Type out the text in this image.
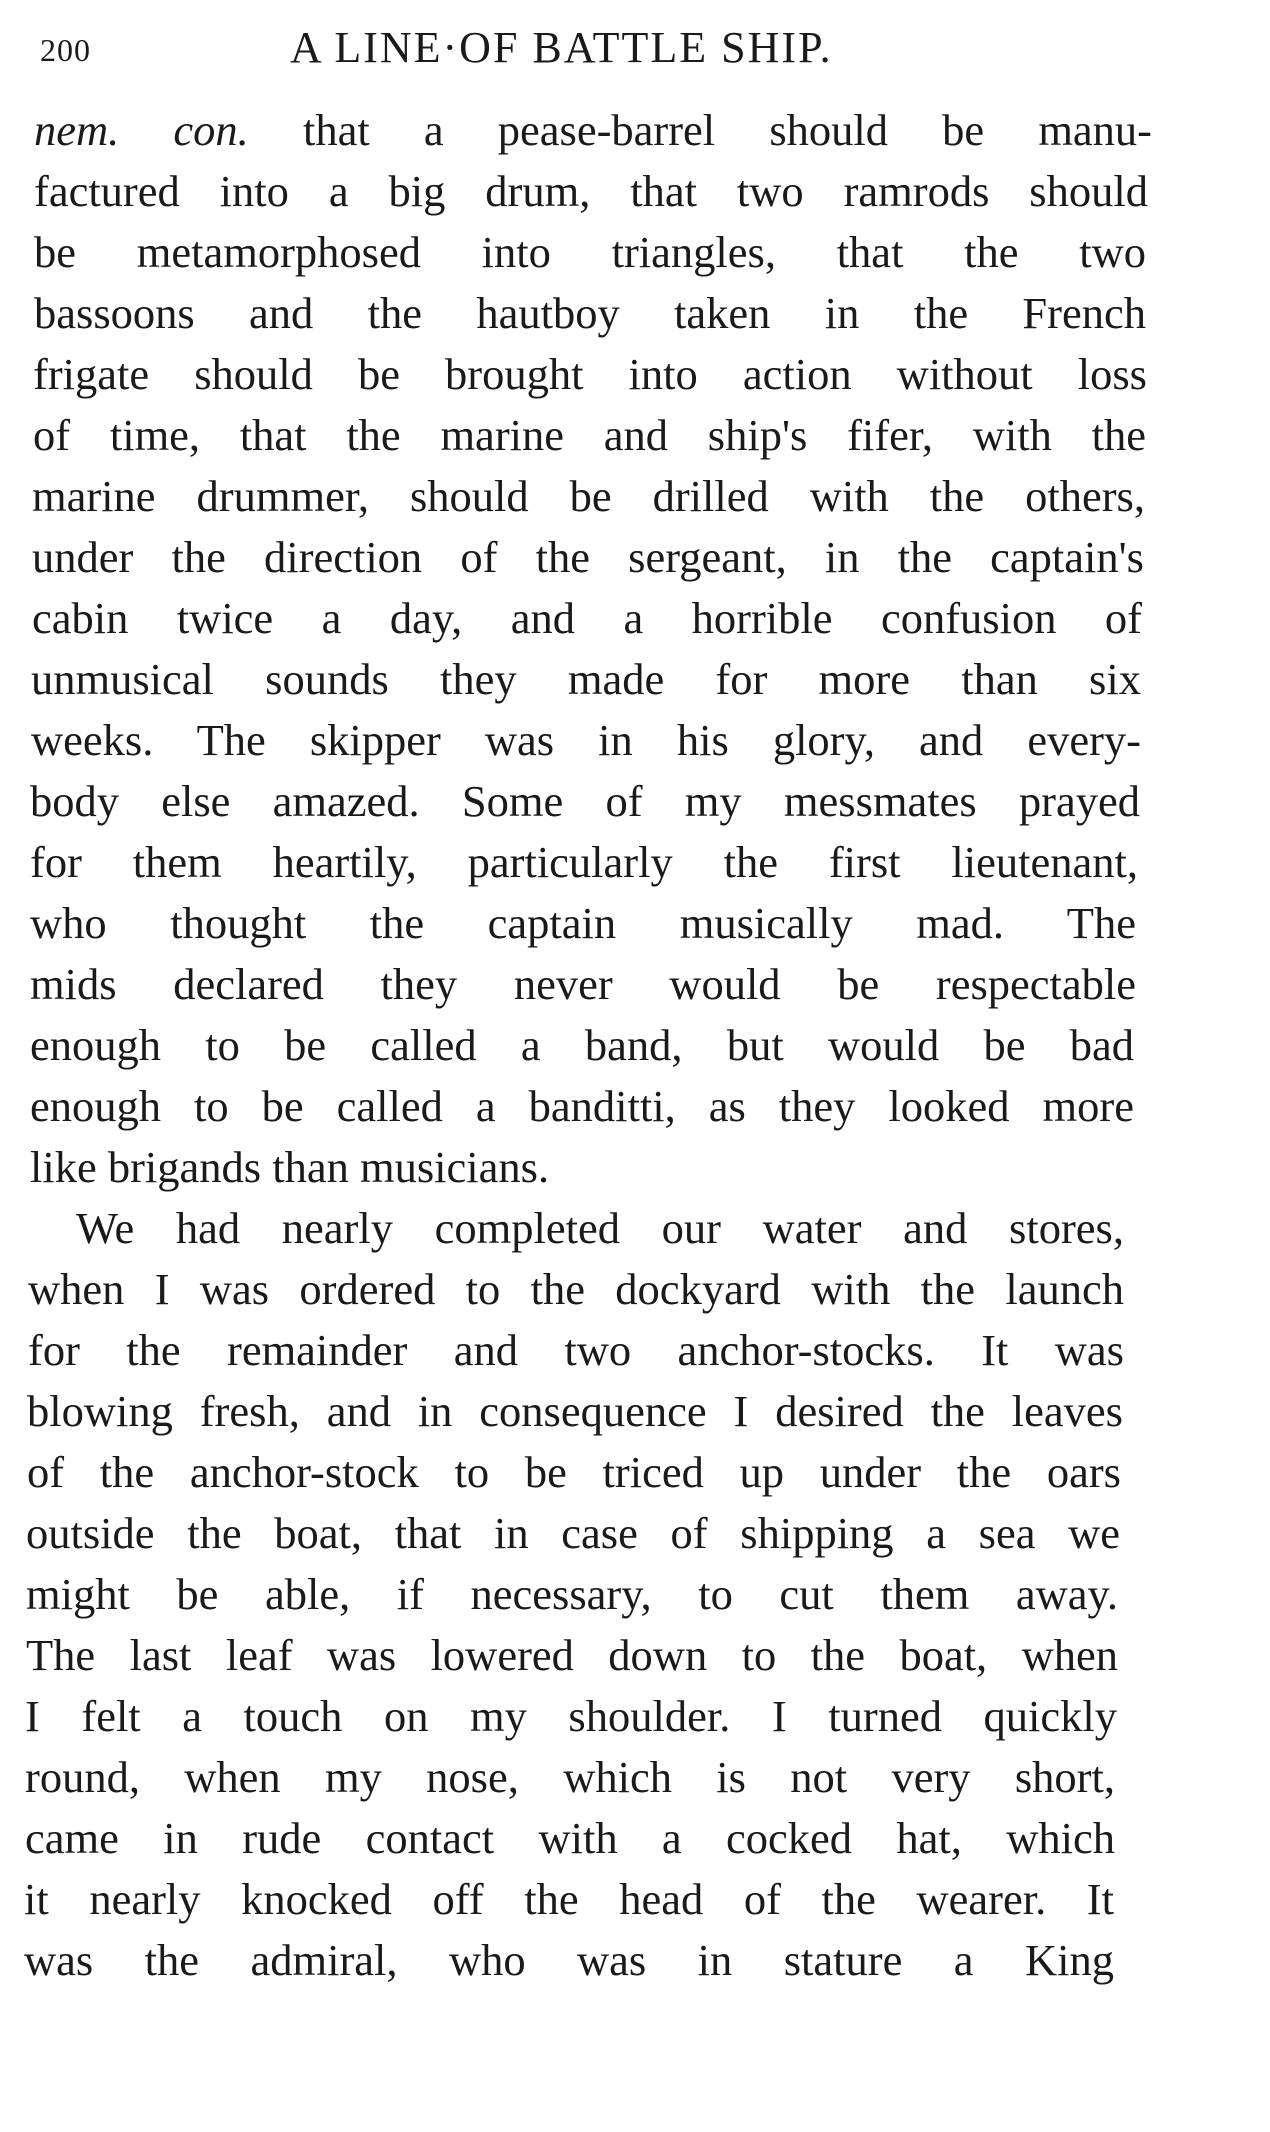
200	A LINE·OF BATTLE SHIP.
nem. con. that a pease-barrel should be manu-
factured into a big drum, that two ramrods should
be metamorphosed into triangles, that the two
bassoons and the hautboy taken in the French
frigate should be brought into action without loss
of time, that the marine and ship's fifer, with the
marine drummer, should be drilled with the others,
under the direction of the sergeant, in the captain's
cabin twice a day, and a horrible confusion of
unmusical sounds they made for more than six
weeks. The skipper was in his glory, and every-
body else amazed. Some of my messmates prayed
for them heartily, particularly the first lieutenant,
who thought the captain musically mad. The
mids declared they never would be respectable
enough to be called a band, but would be bad
enough to be called a banditti, as they looked more
like brigands than musicians.
We had nearly completed our water and stores,
when I was ordered to the dockyard with the launch
for the remainder and two anchor-stocks. It was
blowing fresh, and in consequence I desired the leaves
of the anchor-stock to be triced up under the oars
outside the boat, that in case of shipping a sea we
might be able, if necessary, to cut them away.
The last leaf was lowered down to the boat, when
I felt a touch on my shoulder. I turned quickly
round, when my nose, which is not very short,
came in rude contact with a cocked hat, which
it nearly knocked off the head of the wearer. It
was the admiral, who was in stature a King
